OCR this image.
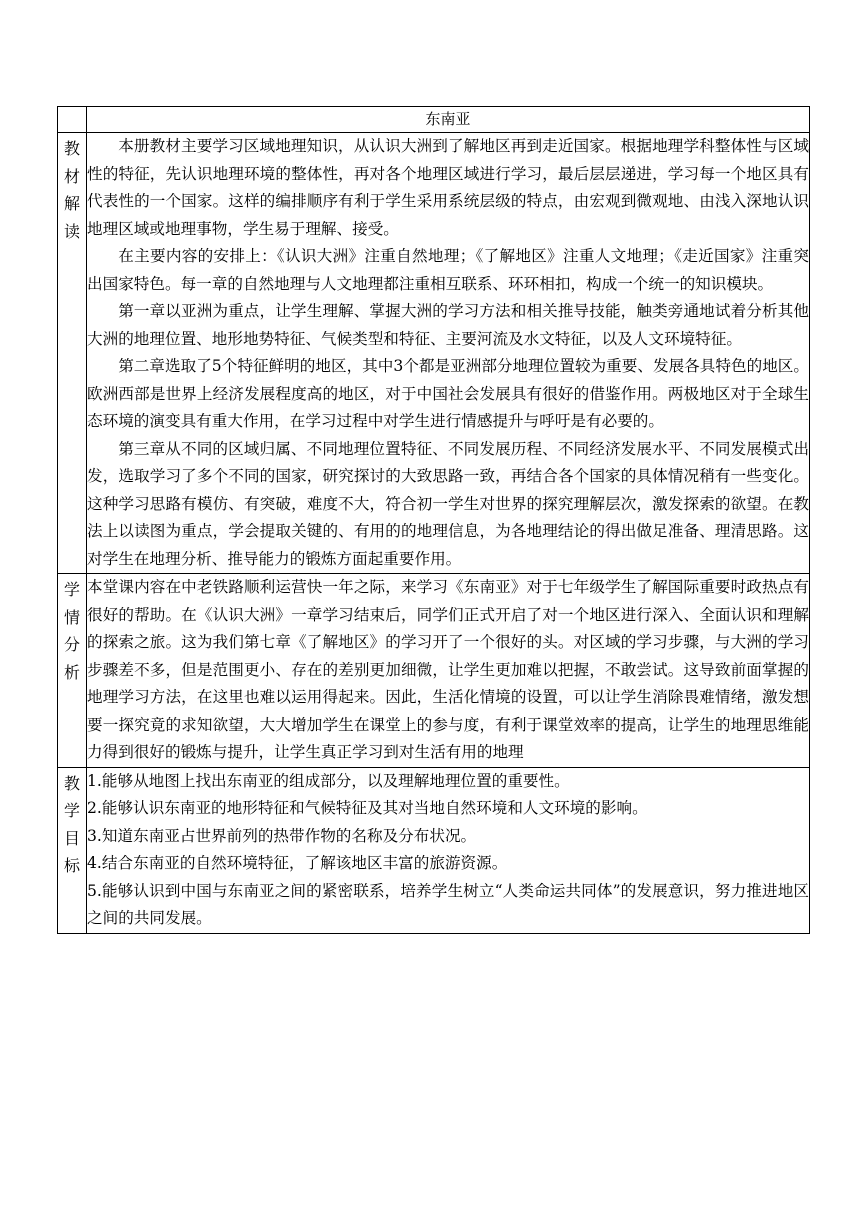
	东南亚

教材解读	本册教材主要学习区域地理知识，从认识大洲到了解地区再到走近国家。根据地理学科整体性与区域性的特征，先认识地理环境的整体性，再对各个地理区域进行学习，最后层层递进，学习每一个地区具有代表性的一个国家。这样的编排顺序有利于学生采用系统层级的特点，由宏观到微观地、由浅入深地认识地理区域或地理事物，学生易于理解、接受。

在主要内容的安排上：《认识大洲》注重自然地理；《了解地区》注重人文地理；《走近国家》注重突出国家特色。每一章的自然地理与人文地理都注重相互联系、环环相扣，构成一个统一的知识模块。

第一章以亚洲为重点，让学生理解、掌握大洲的学习方法和相关推导技能，触类旁通地试着分析其他大洲的地理位置、地形地势特征、气候类型和特征、主要河流及水文特征，以及人文环境特征。

第二章选取了5个特征鲜明的地区，其中3个都是亚洲部分地理位置较为重要、发展各具特色的地区。欧洲西部是世界上经济发展程度高的地区，对于中国社会发展具有很好的借鉴作用。两极地区对于全球生态环境的演变具有重大作用，在学习过程中对学生进行情感提升与呼吁是有必要的。

第三章从不同的区域归属、不同地理位置特征、不同发展历程、不同经济发展水平、不同发展模式出发，选取学习了多个不同的国家，研究探讨的大致思路一致，再结合各个国家的具体情况稍有一些变化。这种学习思路有模仿、有突破，难度不大，符合初一学生对世界的探究理解层次，激发探索的欲望。在教法上以读图为重点，学会提取关键的、有用的的地理信息，为各地理结论的得出做足准备、理清思路。这对学生在地理分析、推导能力的锻炼方面起重要作用。

学情分析	本堂课内容在中老铁路顺利运营快一年之际，来学习《东南亚》对于七年级学生了解国际重要时政热点有很好的帮助。在《认识大洲》一章学习结束后，同学们正式开启了对一个地区进行深入、全面认识和理解的探索之旅。这为我们第七章《了解地区》的学习开了一个很好的头。对区域的学习步骤，与大洲的学习步骤差不多，但是范围更小、存在的差别更加细微，让学生更加难以把握，不敢尝试。这导致前面掌握的地理学习方法，在这里也难以运用得起来。因此，生活化情境的设置，可以让学生消除畏难情绪，激发想要一探究竟的求知欲望，大大增加学生在课堂上的参与度，有利于课堂效率的提高，让学生的地理思维能力得到很好的锻炼与提升，让学生真正学习到对生活有用的地理

教学目标	1.能够从地图上找出东南亚的组成部分，以及理解地理位置的重要性。

2.能够认识东南亚的地形特征和气候特征及其对当地自然环境和人文环境的影响。

3.知道东南亚占世界前列的热带作物的名称及分布状况。

4.结合东南亚的自然环境特征，了解该地区丰富的旅游资源。

5.能够认识到中国与东南亚之间的紧密联系，培养学生树立“人类命运共同体”的发展意识，努力推进地区之间的共同发展。
